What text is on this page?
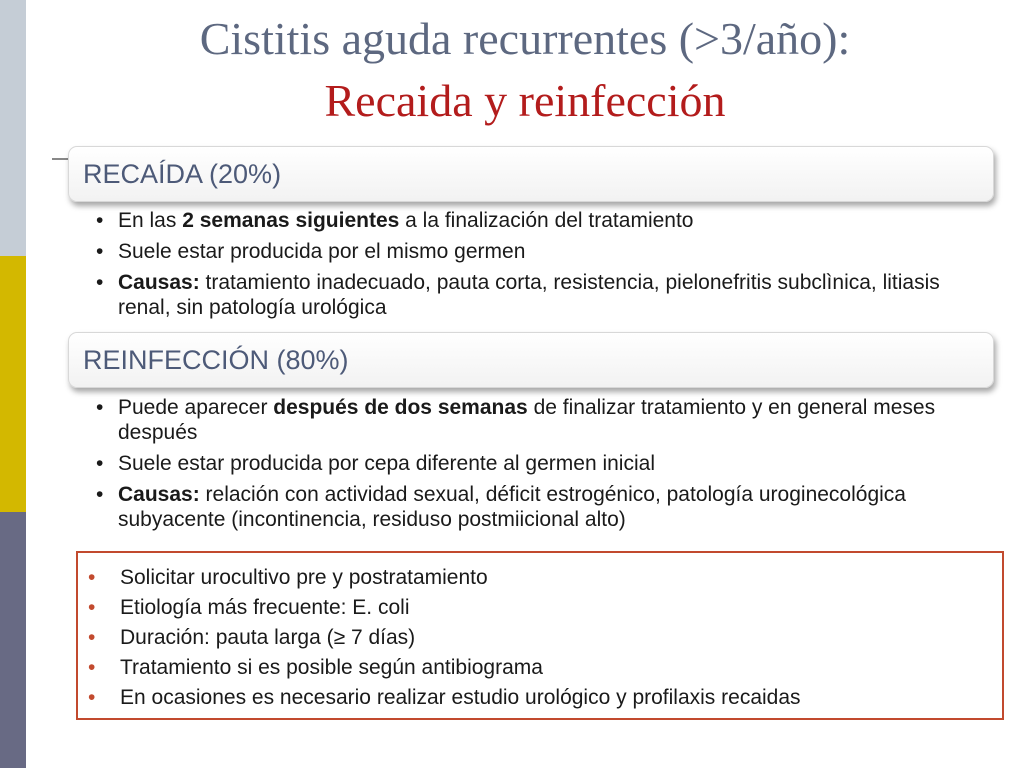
Cistitis aguda recurrentes (>3/año):
Recaida y reinfección
RECAÍDA (20%)
• En las 2 semanas siguientes a la finalización del tratamiento
• Suele estar producida por el mismo germen
• Causas: tratamiento inadecuado, pauta corta, resistencia, pielonefritis subclìnica, litiasis renal, sin patología urológica
REINFECCIÓN (80%)
• Puede aparecer después de dos semanas de finalizar tratamiento y en general meses después
• Suele estar producida por cepa diferente al germen inicial
• Causas: relación con actividad sexual, déficit estrogénico, patología uroginecológica subyacente (incontinencia, residuso postmiicional alto)
• Solicitar urocultivo pre y postratamiento
• Etiología más frecuente: E. coli
• Duración: pauta larga (≥ 7 días)
• Tratamiento si es posible según antibiograma
• En ocasiones es necesario realizar estudio urológico y profilaxis recaidas
